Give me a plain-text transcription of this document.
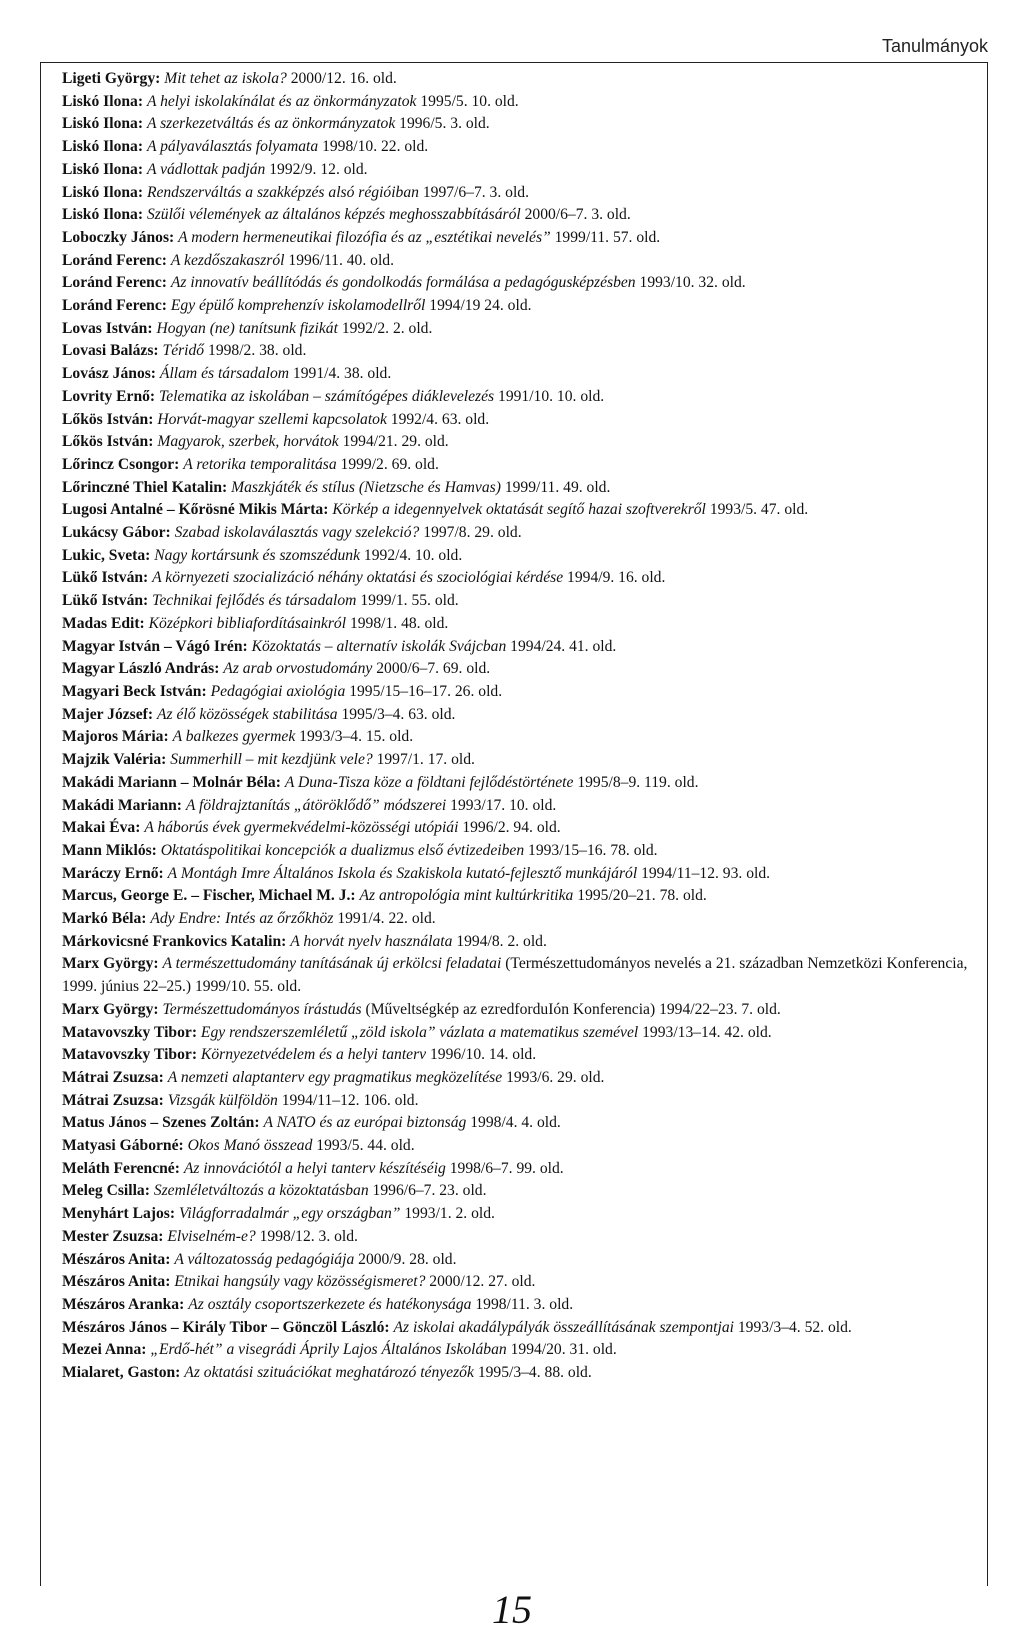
Tanulmányok

Ligeti György: Mit tehet az iskola? 2000/12. 16. old.

Liskó Ilona: A helyi iskolakínálat és az önkormányzatok 1995/5. 10. old.

Liskó Ilona: A szerkezetváltás és az önkormányzatok 1996/5. 3. old.

Liskó Ilona: A pályaválasztás folyamata 1998/10. 22. old.

Liskó Ilona: A vádlottak padján 1992/9. 12. old.

Liskó Ilona: Rendszerváltás a szakképzés alsó régióiban 1997/6–7. 3. old.

Liskó Ilona: Szülői vélemények az általános képzés meghosszabbításáról 2000/6–7. 3. old.

Loboczky János: A modern hermeneutikai filozófia és az „esztétikai nevelés” 1999/11. 57. old.

Loránd Ferenc: A kezdőszakaszról 1996/11. 40. old.

Loránd Ferenc: Az innovatív beállítódás és gondolkodás formálása a pedagógusképzésben 1993/10. 32. old.

Loránd Ferenc: Egy épülő komprehenzív iskolamodellről 1994/19 24. old.

Lovas István: Hogyan (ne) tanítsunk fizikát 1992/2. 2. old.

Lovasi Balázs: Téridő 1998/2. 38. old.

Lovász János: Állam és társadalom 1991/4. 38. old.

Lovrity Ernő: Telematika az iskolában – számítógépes diáklevelezés 1991/10. 10. old.

Lőkös István: Horvát-magyar szellemi kapcsolatok 1992/4. 63. old.

Lőkös István: Magyarok, szerbek, horvátok 1994/21. 29. old.

Lőrincz Csongor: A retorika temporalitása 1999/2. 69. old.

Lőrinczné Thiel Katalin: Maszkjáték és stílus (Nietzsche és Hamvas) 1999/11. 49. old.

Lugosi Antalné – Kőrösné Mikis Márta: Körkép a idegennyelvek oktatását segítő hazai szoftverekről 1993/5. 47. old.

Lukácsy Gábor: Szabad iskolaválasztás vagy szelekció? 1997/8. 29. old.

Lukic, Sveta: Nagy kortársunk és szomszédunk 1992/4. 10. old.

Lükő István: A környezeti szocializáció néhány oktatási és szociológiai kérdése 1994/9. 16. old.

Lükő István: Technikai fejlődés és társadalom 1999/1. 55. old.

Madas Edit: Középkori bibliafordításainkról 1998/1. 48. old.

Magyar István – Vágó Irén: Közoktatás – alternatív iskolák Svájcban 1994/24. 41. old.

Magyar László András: Az arab orvostudomány 2000/6–7. 69. old.

Magyari Beck István: Pedagógiai axiológia 1995/15–16–17. 26. old.

Majer József: Az élő közösségek stabilitása 1995/3–4. 63. old.

Majoros Mária: A balkezes gyermek 1993/3–4. 15. old.

Majzik Valéria: Summerhill – mit kezdjünk vele? 1997/1. 17. old.

Makádi Mariann – Molnár Béla: A Duna-Tisza köze a földtani fejlődéstörténete 1995/8–9. 119. old.

Makádi Mariann: A földrajztanítás „átöröklődő” módszerei 1993/17. 10. old.

Makai Éva: A háborús évek gyermekvédelmi-közösségi utópiái 1996/2. 94. old.

Mann Miklós: Oktatáspolitikai koncepciók a dualizmus első évtizedeiben 1993/15–16. 78. old.

Maráczy Ernő: A Montágh Imre Általános Iskola és Szakiskola kutató-fejlesztő munkájáról 1994/11–12. 93. old.

Marcus, George E. – Fischer, Michael M. J.: Az antropológia mint kultúrkritika 1995/20–21. 78. old.

Markó Béla: Ady Endre: Intés az őrzőkhöz 1991/4. 22. old.

Márkovicsné Frankovics Katalin: A horvát nyelv használata 1994/8. 2. old.

Marx György: A természettudomány tanításának új erkölcsi feladatai (Természettudományos nevelés a 21. században Nemzetközi Konferencia, 1999. június 22–25.) 1999/10. 55. old.

Marx György: Természettudományos írástudás (Műveltségkép az ezredforduIón Konferencia) 1994/22–23. 7. old.

Matavovszky Tibor: Egy rendszerszemléletű „zöld iskola” vázlata a matematikus szemével 1993/13–14. 42. old.

Matavovszky Tibor: Környezetvédelem és a helyi tanterv 1996/10. 14. old.

Mátrai Zsuzsa: A nemzeti alaptanterv egy pragmatikus megközelítése 1993/6. 29. old.

Mátrai Zsuzsa: Vizsgák külföldön 1994/11–12. 106. old.

Matus János – Szenes Zoltán: A NATO és az európai biztonság 1998/4. 4. old.

Matyasi Gáborné: Okos Manó összead 1993/5. 44. old.

Meláth Ferencné: Az innovációtól a helyi tanterv készítéséig 1998/6–7. 99. old.

Meleg Csilla: Szemléletváltozás a közoktatásban 1996/6–7. 23. old.

Menyhárt Lajos: Világforradalmár „egy országban” 1993/1. 2. old.

Mester Zsuzsa: Elviselném-e? 1998/12. 3. old.

Mészáros Anita: A változatosság pedagógiája 2000/9. 28. old.

Mészáros Anita: Etnikai hangsúly vagy közösségismeret? 2000/12. 27. old.

Mészáros Aranka: Az osztály csoportszerkezete és hatékonysága 1998/11. 3. old.

Mészáros János – Király Tibor – Gönczöl László: Az iskolai akadálypályák összeállításának szempontjai 1993/3–4. 52. old.

Mezei Anna: „Erdő-hét” a visegrádi Áprily Lajos Általános Iskolában 1994/20. 31. old.

Mialaret, Gaston: Az oktatási szituációkat meghatározó tényezők 1995/3–4. 88. old.

15
